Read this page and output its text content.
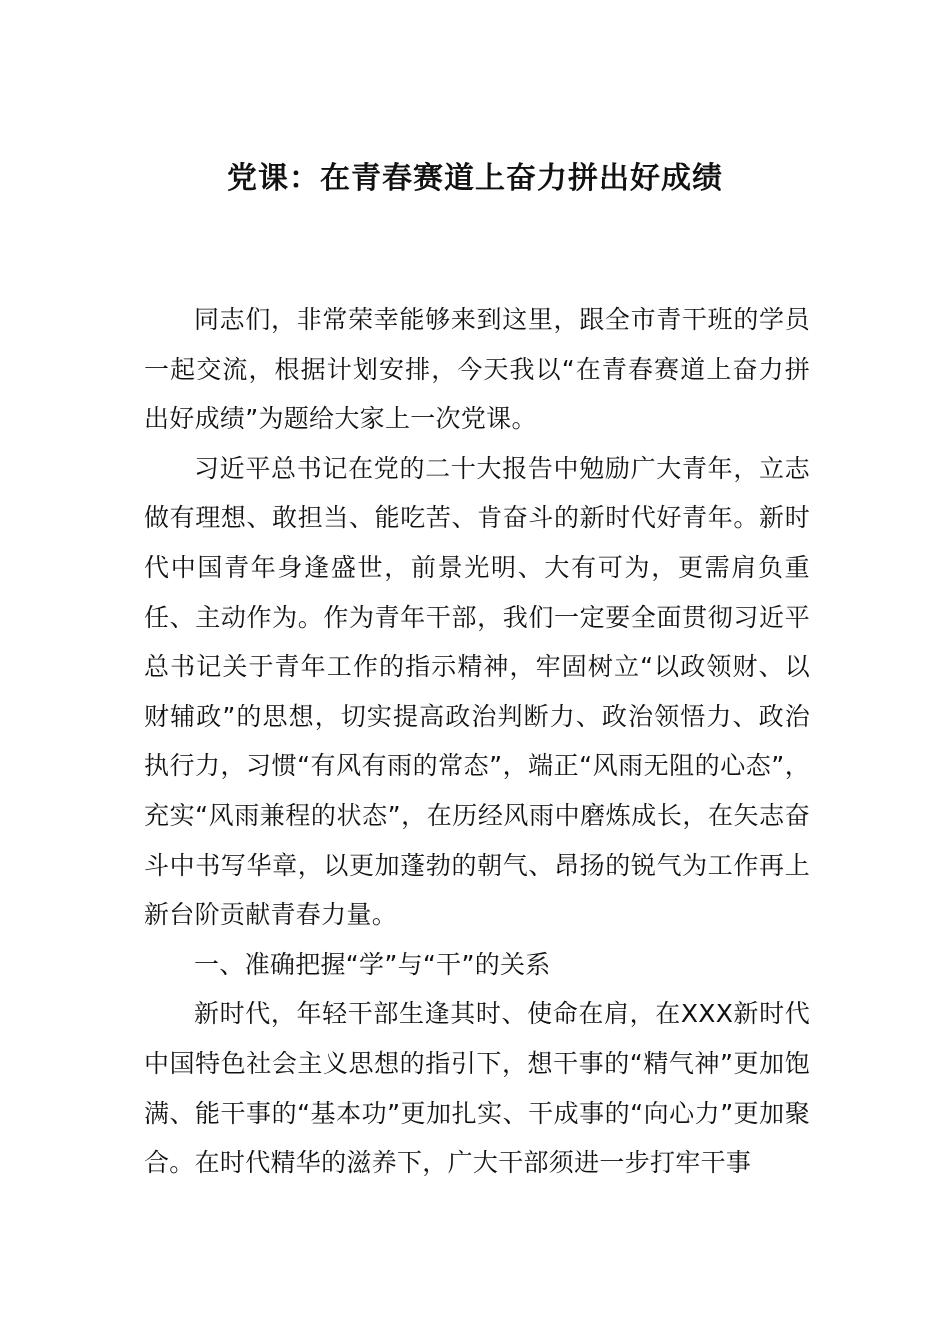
党课：在青春赛道上奋力拼出好成绩

同志们，非常荣幸能够来到这里，跟全市青干班的学员一起交流，根据计划安排，今天我以“在青春赛道上奋力拼出好成绩”为题给大家上一次党课。

习近平总书记在党的二十大报告中勉励广大青年，立志做有理想、敢担当、能吃苦、肯奋斗的新时代好青年。新时代中国青年身逢盛世，前景光明、大有可为，更需肩负重任、主动作为。作为青年干部，我们一定要全面贯彻习近平总书记关于青年工作的指示精神，牢固树立“以政领财、以财辅政”的思想，切实提高政治判断力、政治领悟力、政治执行力，习惯“有风有雨的常态”，端正“风雨无阻的心态”，充实“风雨兼程的状态”，在历经风雨中磨炼成长，在矢志奋斗中书写华章，以更加蓬勃的朝气、昂扬的锐气为工作再上新台阶贡献青春力量。

一、准确把握“学”与“干”的关系

新时代，年轻干部生逢其时、使命在肩，在XXX新时代中国特色社会主义思想的指引下，想干事的“精气神”更加饱满、能干事的“基本功”更加扎实、干成事的“向心力”更加聚合。在时代精华的滋养下，广大干部须进一步打牢干事
